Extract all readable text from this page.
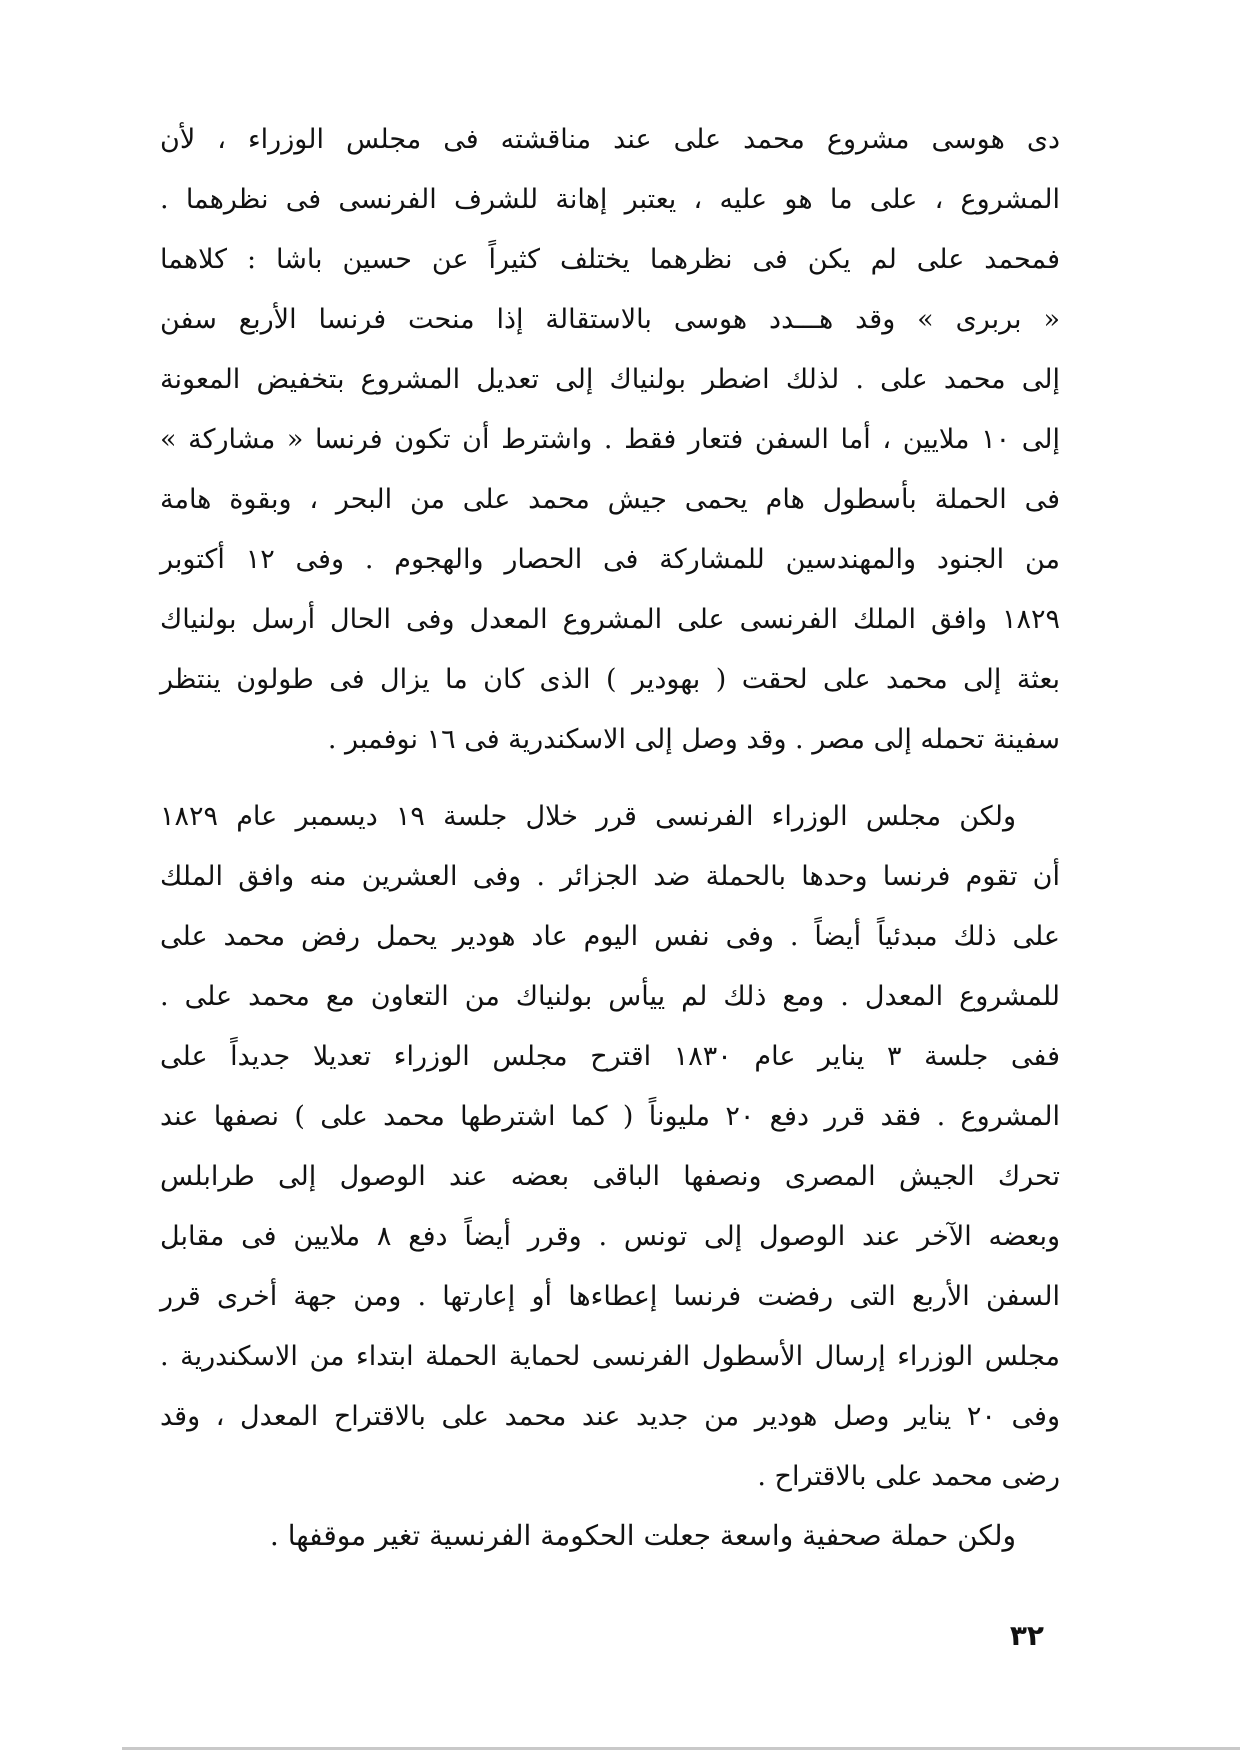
دى هوسى مشروع محمد على عند مناقشته فى مجلس الوزراء ، لأن
المشروع ، على ما هو عليه ، يعتبر إهانة للشرف الفرنسى فى نظرهما .
فمحمد على لم يكن فى نظرهما يختلف كثيراً عن حسين باشا : كلاهما
« بربرى » وقد هـــدد هوسى بالاستقالة إذا منحت فرنسا الأربع سفن
إلى محمد على . لذلك اضطر بولنياك إلى تعديل المشروع بتخفيض المعونة
إلى ١٠ ملايين ، أما السفن فتعار فقط . واشترط أن تكون فرنسا « مشاركة »
فى الحملة بأسطول هام يحمى جيش محمد على من البحر ، وبقوة هامة
من الجنود والمهندسين للمشاركة فى الحصار والهجوم . وفى ١٢ أكتوبر
١٨٢٩ وافق الملك الفرنسى على المشروع المعدل وفى الحال أرسل بولنياك
بعثة إلى محمد على لحقت ( بهودير ) الذى كان ما يزال فى طولون ينتظر
سفينة تحمله إلى مصر . وقد وصل إلى الاسكندرية فى ١٦ نوفمبر .
ولكن مجلس الوزراء الفرنسى قرر خلال جلسة ١٩ ديسمبر عام ١٨٢٩
أن تقوم فرنسا وحدها بالحملة ضد الجزائر . وفى العشرين منه وافق الملك
على ذلك مبدئياً أيضاً . وفى نفس اليوم عاد هودير يحمل رفض محمد على
للمشروع المعدل . ومع ذلك لم ييأس بولنياك من التعاون مع محمد على .
ففى جلسة ٣ يناير عام ١٨٣٠ اقترح مجلس الوزراء تعديلا جديداً على
المشروع . فقد قرر دفع ٢٠ مليوناً ( كما اشترطها محمد على ) نصفها عند
تحرك الجيش المصرى ونصفها الباقى بعضه عند الوصول إلى طرابلس
وبعضه الآخر عند الوصول إلى تونس . وقرر أيضاً دفع ٨ ملايين فى مقابل
السفن الأربع التى رفضت فرنسا إعطاءها أو إعارتها . ومن جهة أخرى قرر
مجلس الوزراء إرسال الأسطول الفرنسى لحماية الحملة ابتداء من الاسكندرية .
وفى ٢٠ يناير وصل هودير من جديد عند محمد على بالاقتراح المعدل ، وقد
رضى محمد على بالاقتراح .
ولكن حملة صحفية واسعة جعلت الحكومة الفرنسية تغير موقفها .
٣٢
